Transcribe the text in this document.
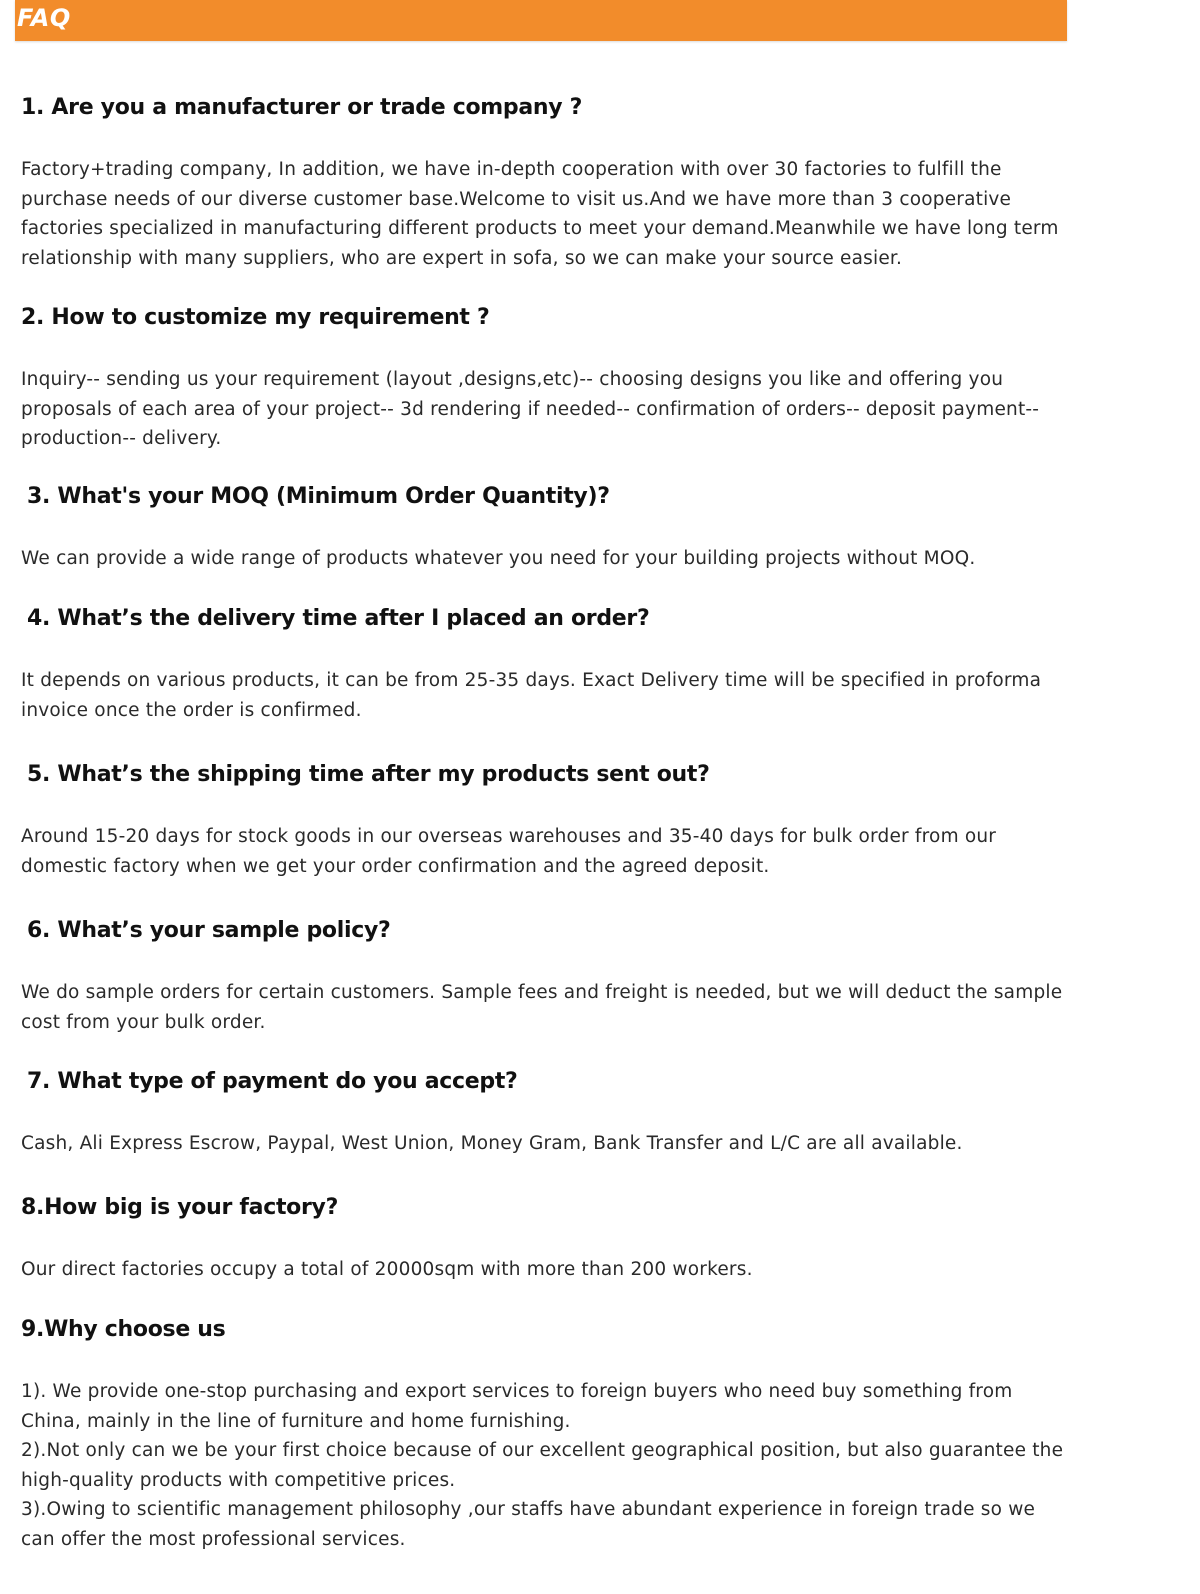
FAQ
1. Are you a manufacturer or trade company ?
Factory+trading company, In addition, we have in-depth cooperation with over 30 factories to fulfill the purchase needs of our diverse customer base.Welcome to visit us.And we have more than 3 cooperative factories specialized in manufacturing different products to meet your demand.Meanwhile we have long term relationship with many suppliers, who are expert in sofa, so we can make your source easier.
2. How to customize my requirement ?
Inquiry-- sending us your requirement (layout ,designs,etc)-- choosing designs you like and offering you proposals of each area of your project-- 3d rendering if needed-- confirmation of orders-- deposit payment-- production-- delivery.
3. What's your MOQ (Minimum Order Quantity)?
We can provide a wide range of products whatever you need for your building projects without MOQ.
4. What’s the delivery time after I placed an order?
It depends on various products, it can be from 25-35 days. Exact Delivery time will be specified in proforma invoice once the order is confirmed.
5. What’s the shipping time after my products sent out?
Around 15-20 days for stock goods in our overseas warehouses and 35-40 days for bulk order from our domestic factory when we get your order confirmation and the agreed deposit.
6. What’s your sample policy?
We do sample orders for certain customers. Sample fees and freight is needed, but we will deduct the sample cost from your bulk order.
7. What type of payment do you accept?
Cash, Ali Express Escrow, Paypal, West Union, Money Gram, Bank Transfer and L/C are all available.
8.How big is your factory?
Our direct factories occupy a total of 20000sqm with more than 200 workers.
9.Why choose us

1). We provide one-stop purchasing and export services to foreign buyers who need buy something from China, mainly in the line of furniture and home furnishing.

2).Not only can we be your first choice because of our excellent geographical position, but also guarantee the high-quality products with competitive prices.

3).Owing to scientific management philosophy ,our staffs have abundant experience in foreign trade so we can offer the most professional services.
